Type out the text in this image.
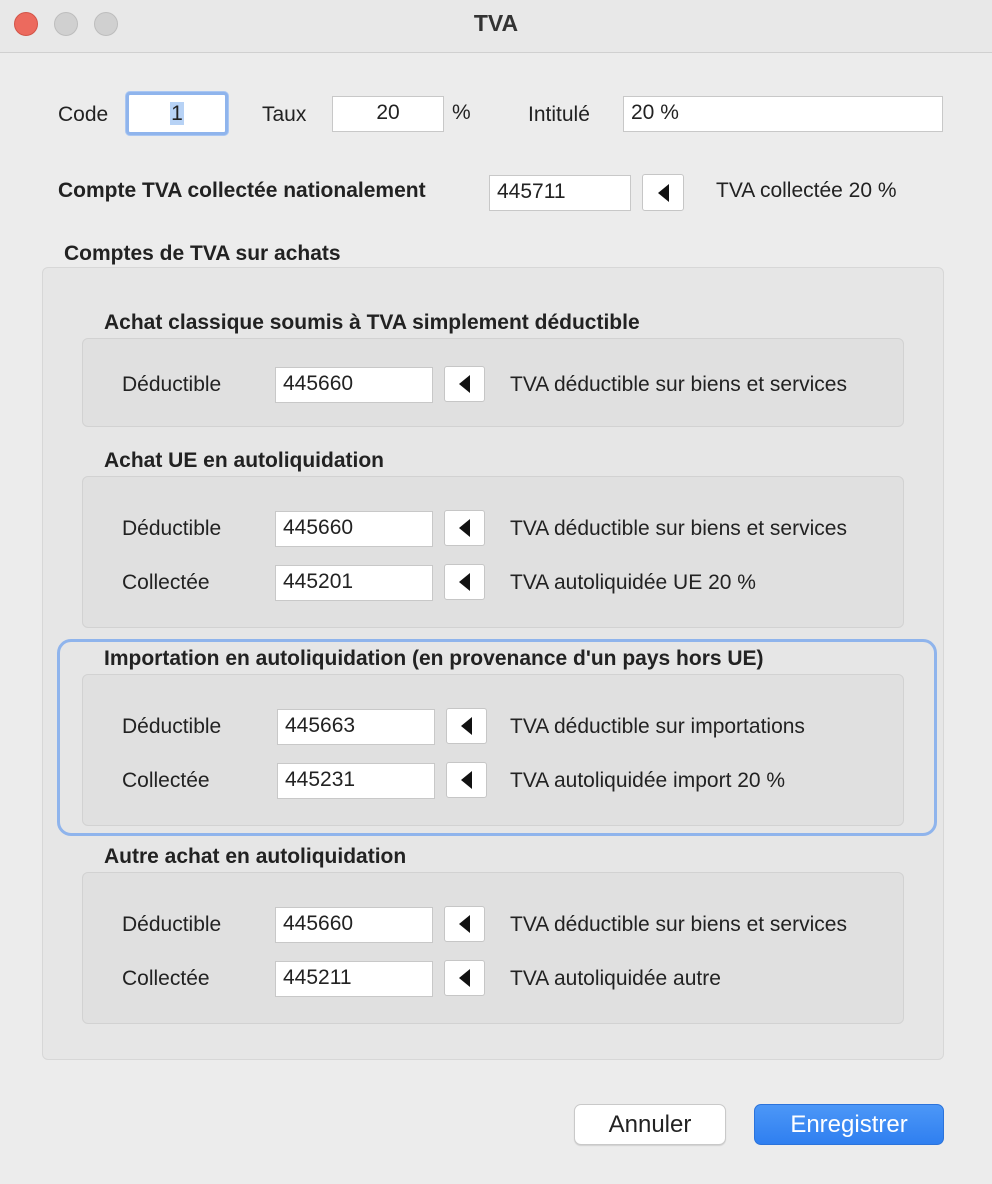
TVA
Code	1	Taux	20	%	Intitulé	20 %
Compte TVA collectée nationalement	445711	TVA collectée 20 %
Comptes de TVA sur achats
Achat classique soumis à TVA simplement déductible
Déductible	445660	TVA déductible sur biens et services
Achat UE en autoliquidation
Déductible	445660	TVA déductible sur biens et services
Collectée	445201	TVA autoliquidée UE 20 %
Importation en autoliquidation (en provenance d'un pays hors UE)
Déductible	445663	TVA déductible sur importations
Collectée	445231	TVA autoliquidée import 20 %
Autre achat en autoliquidation
Déductible	445660	TVA déductible sur biens et services
Collectée	445211	TVA autoliquidée autre
Annuler	Enregistrer
